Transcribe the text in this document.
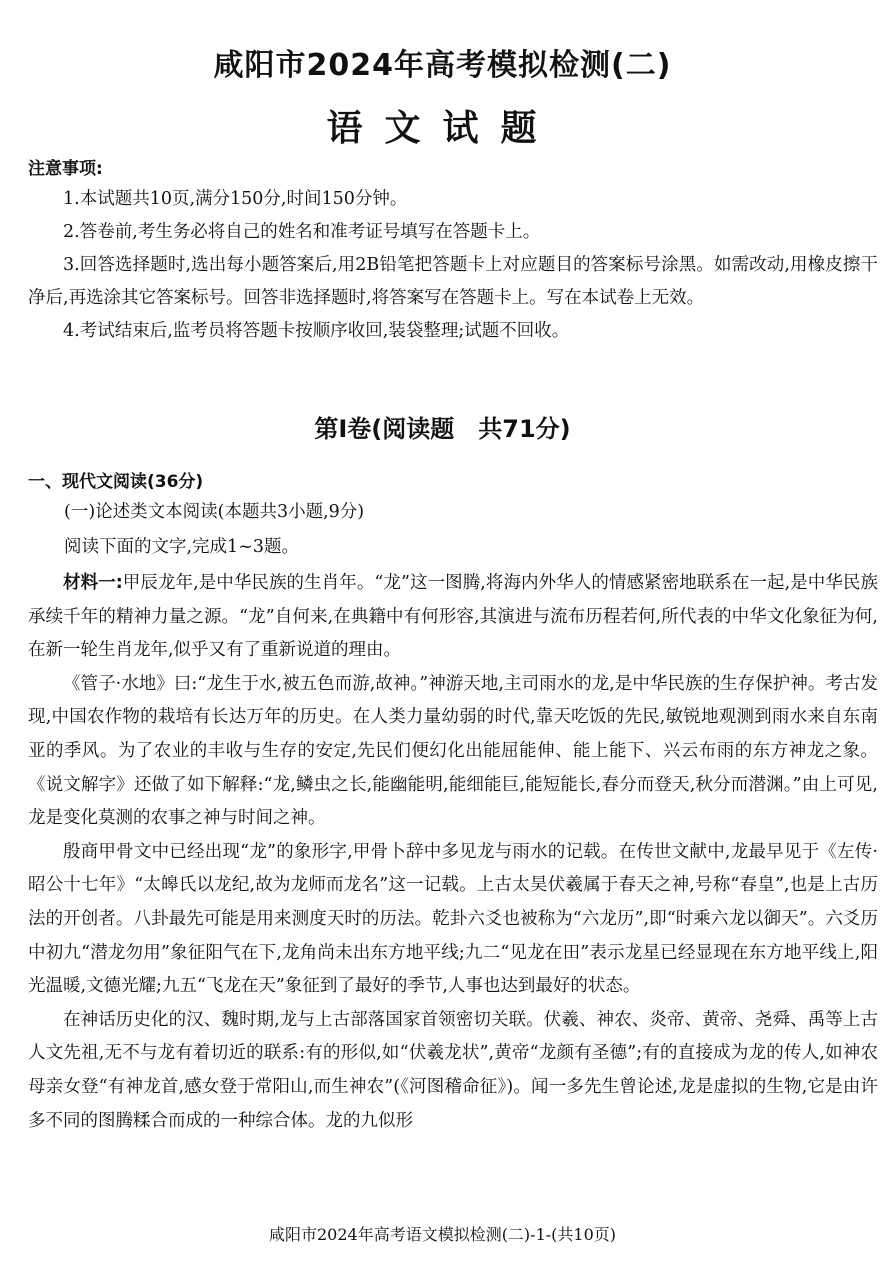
咸阳市2024年高考模拟检测(二)
语文试题
注意事项:

1.本试题共10页,满分150分,时间150分钟。

2.答卷前,考生务必将自己的姓名和准考证号填写在答题卡上。

3.回答选择题时,选出每小题答案后,用2B铅笔把答题卡上对应题目的答案标号涂黑。如需改动,用橡皮擦干净后,再选涂其它答案标号。回答非选择题时,将答案写在答题卡上。写在本试卷上无效。

4.考试结束后,监考员将答题卡按顺序收回,装袋整理;试题不回收。

第Ⅰ卷(阅读题　共71分)
一、现代文阅读(36分)
(一)论述类文本阅读(本题共3小题,9分)
阅读下面的文字,完成1~3题。

材料一:甲辰龙年,是中华民族的生肖年。“龙”这一图腾,将海内外华人的情感紧密地联系在一起,是中华民族承续千年的精神力量之源。“龙”自何来,在典籍中有何形容,其演进与流布历程若何,所代表的中华文化象征为何,在新一轮生肖龙年,似乎又有了重新说道的理由。

《管子·水地》曰:“龙生于水,被五色而游,故神。”神游天地,主司雨水的龙,是中华民族的生存保护神。考古发现,中国农作物的栽培有长达万年的历史。在人类力量幼弱的时代,靠天吃饭的先民,敏锐地观测到雨水来自东南亚的季风。为了农业的丰收与生存的安定,先民们便幻化出能屈能伸、能上能下、兴云布雨的东方神龙之象。《说文解字》还做了如下解释:“龙,鳞虫之长,能幽能明,能细能巨,能短能长,春分而登天,秋分而潜渊。”由上可见,龙是变化莫测的农事之神与时间之神。

殷商甲骨文中已经出现“龙”的象形字,甲骨卜辞中多见龙与雨水的记载。在传世文献中,龙最早见于《左传·昭公十七年》“太皞氏以龙纪,故为龙师而龙名”这一记载。上古太昊伏羲属于春天之神,号称“春皇”,也是上古历法的开创者。八卦最先可能是用来测度天时的历法。乾卦六爻也被称为“六龙历”,即“时乘六龙以御天”。六爻历中初九“潜龙勿用”象征阳气在下,龙角尚未出东方地平线;九二“见龙在田”表示龙星已经显现在东方地平线上,阳光温暖,文德光耀;九五“飞龙在天”象征到了最好的季节,人事也达到最好的状态。

在神话历史化的汉、魏时期,龙与上古部落国家首领密切关联。伏羲、神农、炎帝、黄帝、尧舜、禹等上古人文先祖,无不与龙有着切近的联系:有的形似,如“伏羲龙状”,黄帝“龙颜有圣德”;有的直接成为龙的传人,如神农母亲女登“有神龙首,感女登于常阳山,而生神农”(《河图稽命征》)。闻一多先生曾论述,龙是虚拟的生物,它是由许多不同的图腾糅合而成的一种综合体。龙的九似形

咸阳市2024年高考语文模拟检测(二)-1-(共10页)
